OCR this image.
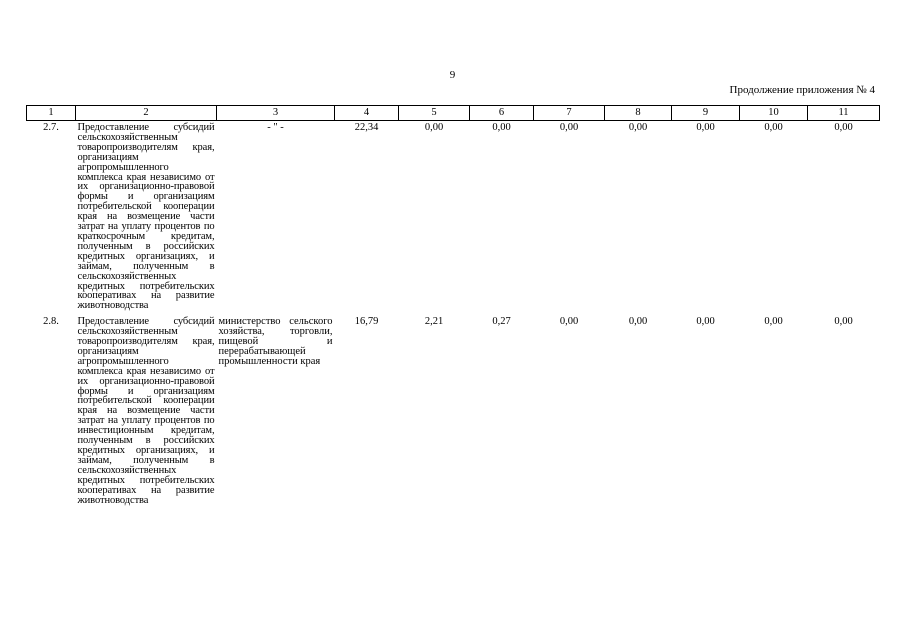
9
Продолжение приложения № 4
1	2	3	4	5	6	7	8	9	10	11
2.7.	Предоставление субсидий сельскохозяйственным товаропроизводителям края, организациям агропромышленного комплекса края независимо от их организационно-правовой формы и организациям потребительской кооперации края на возмещение части затрат на уплату процентов по краткосрочным кредитам, полученным в российских кредитных организациях, и займам, полученным в сельскохозяйственных кредитных потребительских кооперативах на развитие животноводства	- " -	22,34	0,00	0,00	0,00	0,00	0,00	0,00	0,00
2.8.	Предоставление субсидий сельскохозяйственным товаропроизводителям края, организациям агропромышленного комплекса края независимо от их организационно-правовой формы и организациям потребительской кооперации края на возмещение части затрат на уплату процентов по инвестиционным кредитам, полученным в российских кредитных организациях, и займам, полученным в сельскохозяйственных кредитных потребительских кооперативах на развитие животноводства	министерство сельского хозяйства, торговли, пищевой и перерабатывающей промышленности края	16,79	2,21	0,27	0,00	0,00	0,00	0,00	0,00
